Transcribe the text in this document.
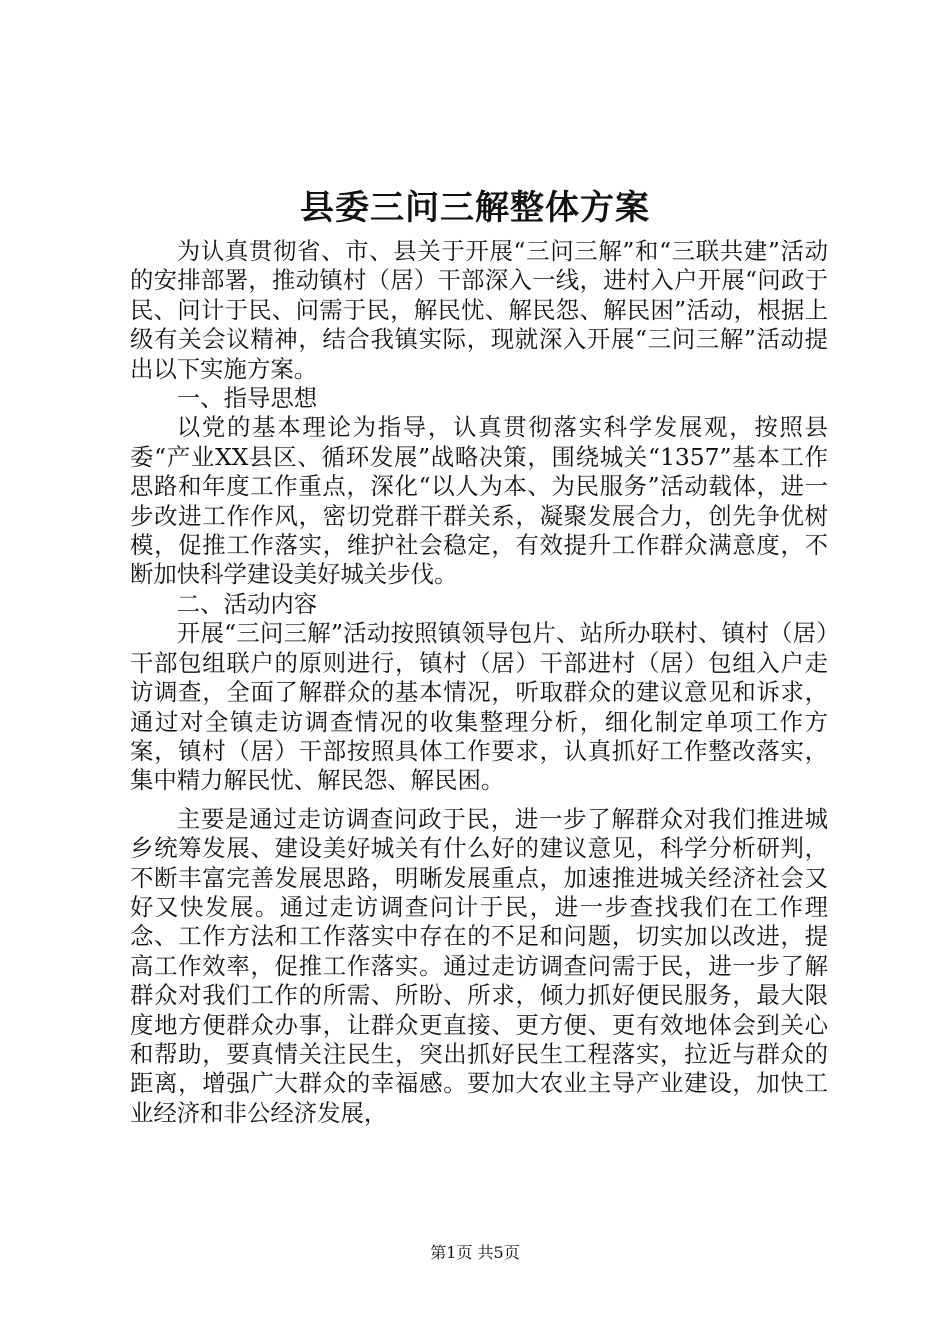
县委三问三解整体方案

为认真贯彻省、市、县关于开展“三问三解”和“三联共建”活动的安排部署，推动镇村（居）干部深入一线，进村入户开展“问政于民、问计于民、问需于民，解民忧、解民怨、解民困”活动，根据上级有关会议精神，结合我镇实际，现就深入开展“三问三解”活动提出以下实施方案。

一、指导思想

以党的基本理论为指导，认真贯彻落实科学发展观，按照县委“产业XX县区、循环发展”战略决策，围绕城关“1357”基本工作思路和年度工作重点，深化“以人为本、为民服务”活动载体，进一步改进工作作风，密切党群干群关系，凝聚发展合力，创先争优树模，促推工作落实，维护社会稳定，有效提升工作群众满意度，不断加快科学建设美好城关步伐。

二、活动内容

开展“三问三解”活动按照镇领导包片、站所办联村、镇村（居）干部包组联户的原则进行，镇村（居）干部进村（居）包组入户走访调查，全面了解群众的基本情况，听取群众的建议意见和诉求，通过对全镇走访调查情况的收集整理分析，细化制定单项工作方案，镇村（居）干部按照具体工作要求，认真抓好工作整改落实，集中精力解民忧、解民怨、解民困。

主要是通过走访调查问政于民，进一步了解群众对我们推进城乡统筹发展、建设美好城关有什么好的建议意见，科学分析研判，不断丰富完善发展思路，明晰发展重点，加速推进城关经济社会又好又快发展。通过走访调查问计于民，进一步查找我们在工作理念、工作方法和工作落实中存在的不足和问题，切实加以改进，提高工作效率，促推工作落实。通过走访调查问需于民，进一步了解群众对我们工作的所需、所盼、所求，倾力抓好便民服务，最大限度地方便群众办事，让群众更直接、更方便、更有效地体会到关心和帮助，要真情关注民生，突出抓好民生工程落实，拉近与群众的距离，增强广大群众的幸福感。要加大农业主导产业建设，加快工业经济和非公经济发展，

第1页 共5页
